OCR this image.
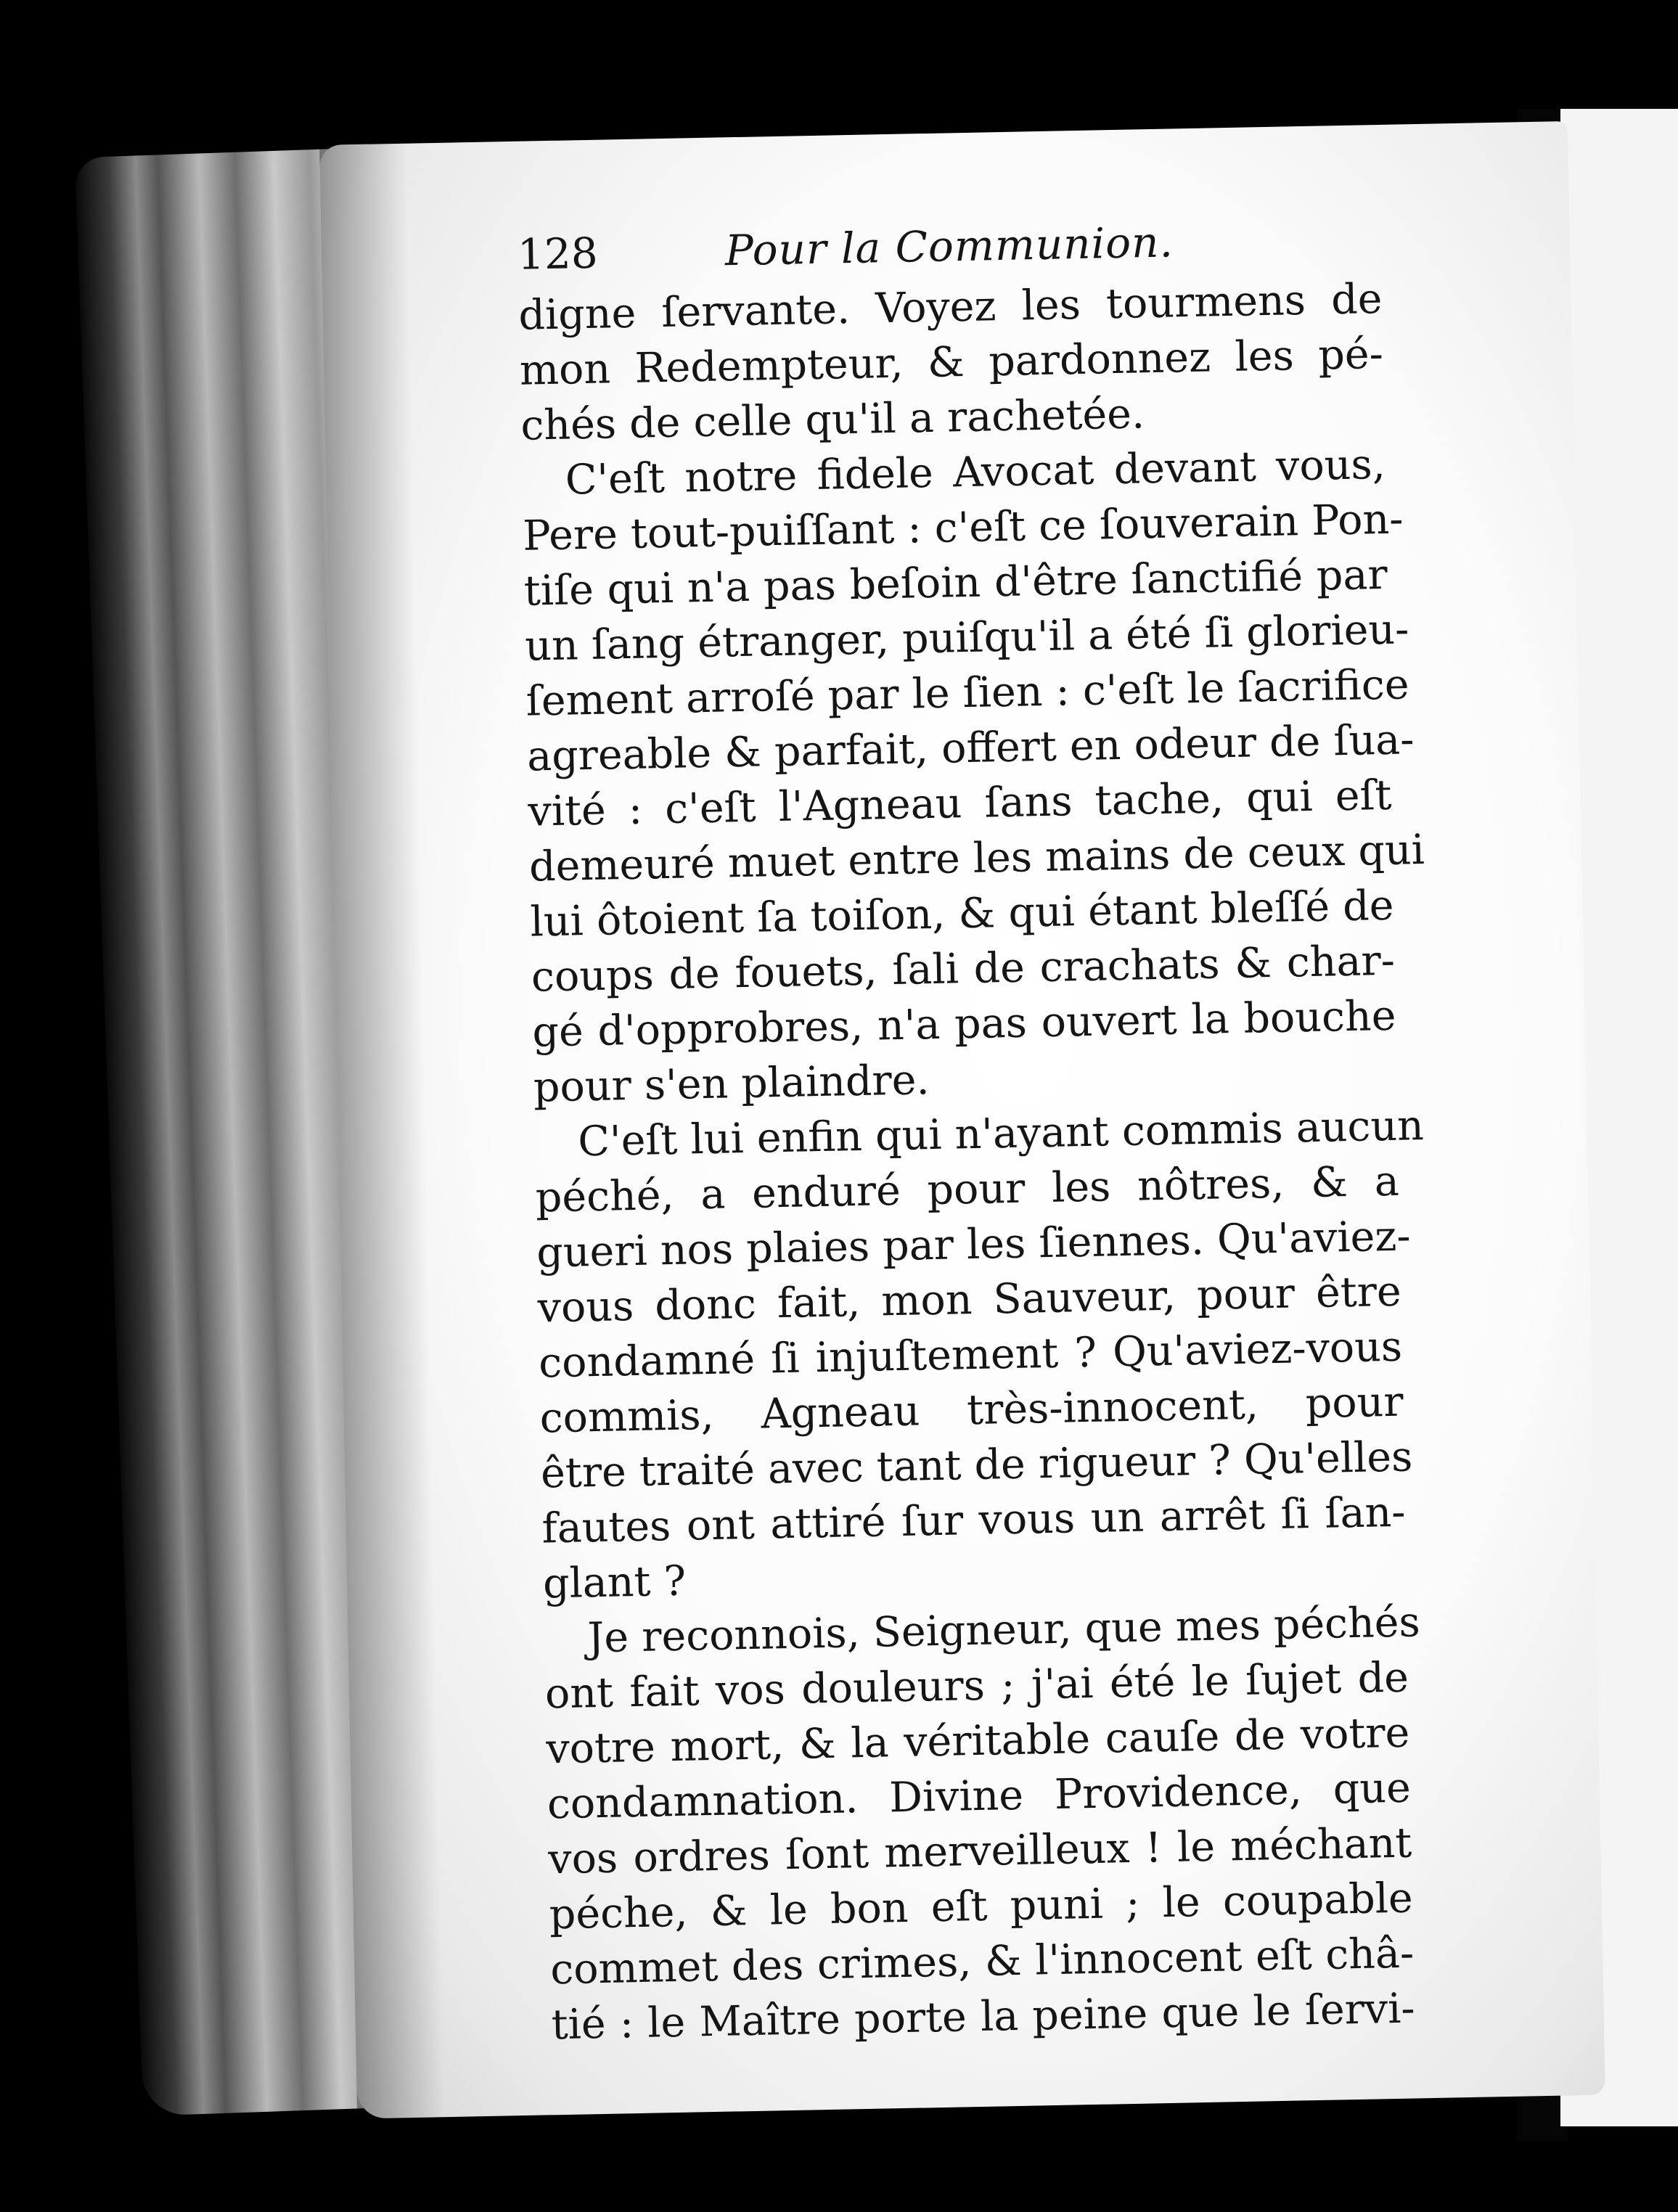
128	Pour la Communion.
digne ſervante. Voyez les tourmens de
mon Redempteur, & pardonnez les pé-
chés de celle qu'il a rachetée.
C'eſt notre fidele Avocat devant vous,
Pere tout-puiſſant : c'eſt ce ſouverain Pon-
tiſe qui n'a pas beſoin d'être ſanctifié par
un ſang étranger, puiſqu'il a été ſi glorieu-
ſement arroſé par le ſien : c'eſt le ſacrifice
agreable & parfait, offert en odeur de ſua-
vité : c'eſt l'Agneau ſans tache, qui eſt
demeuré muet entre les mains de ceux qui
lui ôtoient ſa toiſon, & qui étant bleſſé de
coups de fouets, ſali de crachats & char-
gé d'opprobres, n'a pas ouvert la bouche
pour s'en plaindre.
C'eſt lui enfin qui n'ayant commis aucun
péché, a enduré pour les nôtres, & a
gueri nos plaies par les ſiennes. Qu'aviez-
vous donc fait, mon Sauveur, pour être
condamné ſi injuſtement ? Qu'aviez-vous
commis, Agneau très-innocent, pour
être traité avec tant de rigueur ? Qu'elles
fautes ont attiré ſur vous un arrêt ſi ſan-
glant ?
Je reconnois, Seigneur, que mes péchés
ont fait vos douleurs ; j'ai été le ſujet de
votre mort, & la véritable cauſe de votre
condamnation. Divine Providence, que
vos ordres ſont merveilleux ! le méchant
péche, & le bon eſt puni ; le coupable
commet des crimes, & l'innocent eſt châ-
tié : le Maître porte la peine que le ſervi-
